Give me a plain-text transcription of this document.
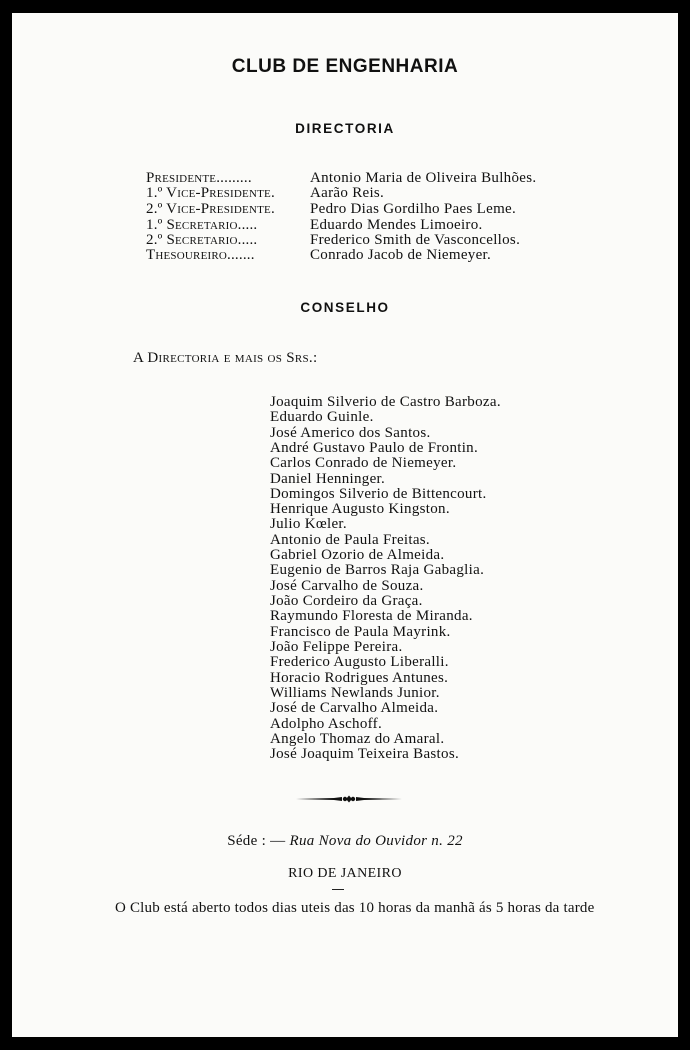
CLUB DE ENGENHARIA
DIRECTORIA
Presidente.........	Antonio Maria de Oliveira Bulhões.
1.º Vice-Presidente. Aarão Reis.
2.º Vice-Presidente. Pedro Dias Gordilho Paes Leme.
1.º Secretario.....	Eduardo Mendes Limoeiro.
2.º Secretario.....	Frederico Smith de Vasconcellos.
Thesoureiro.......	Conrado Jacob de Niemeyer.
CONSELHO
A Directoria e mais os Srs.:
Joaquim Silverio de Castro Barboza.
Eduardo Guinle.
José Americo dos Santos.
André Gustavo Paulo de Frontin.
Carlos Conrado de Niemeyer.
Daniel Henninger.
Domingos Silverio de Bittencourt.
Henrique Augusto Kingston.
Julio Kœler.
Antonio de Paula Freitas.
Gabriel Ozorio de Almeida.
Eugenio de Barros Raja Gabaglia.
José Carvalho de Souza.
João Cordeiro da Graça.
Raymundo Floresta de Miranda.
Francisco de Paula Mayrink.
João Felippe Pereira.
Frederico Augusto Liberalli.
Horacio Rodrigues Antunes.
Williams Newlands Junior.
José de Carvalho Almeida.
Adolpho Aschoff.
Angelo Thomaz do Amaral.
José Joaquim Teixeira Bastos.
Séde : — Rua Nova do Ouvidor n. 22
RIO DE JANEIRO
O Club está aberto todos dias uteis das 10 horas da manhã ás 5 horas da tarde
